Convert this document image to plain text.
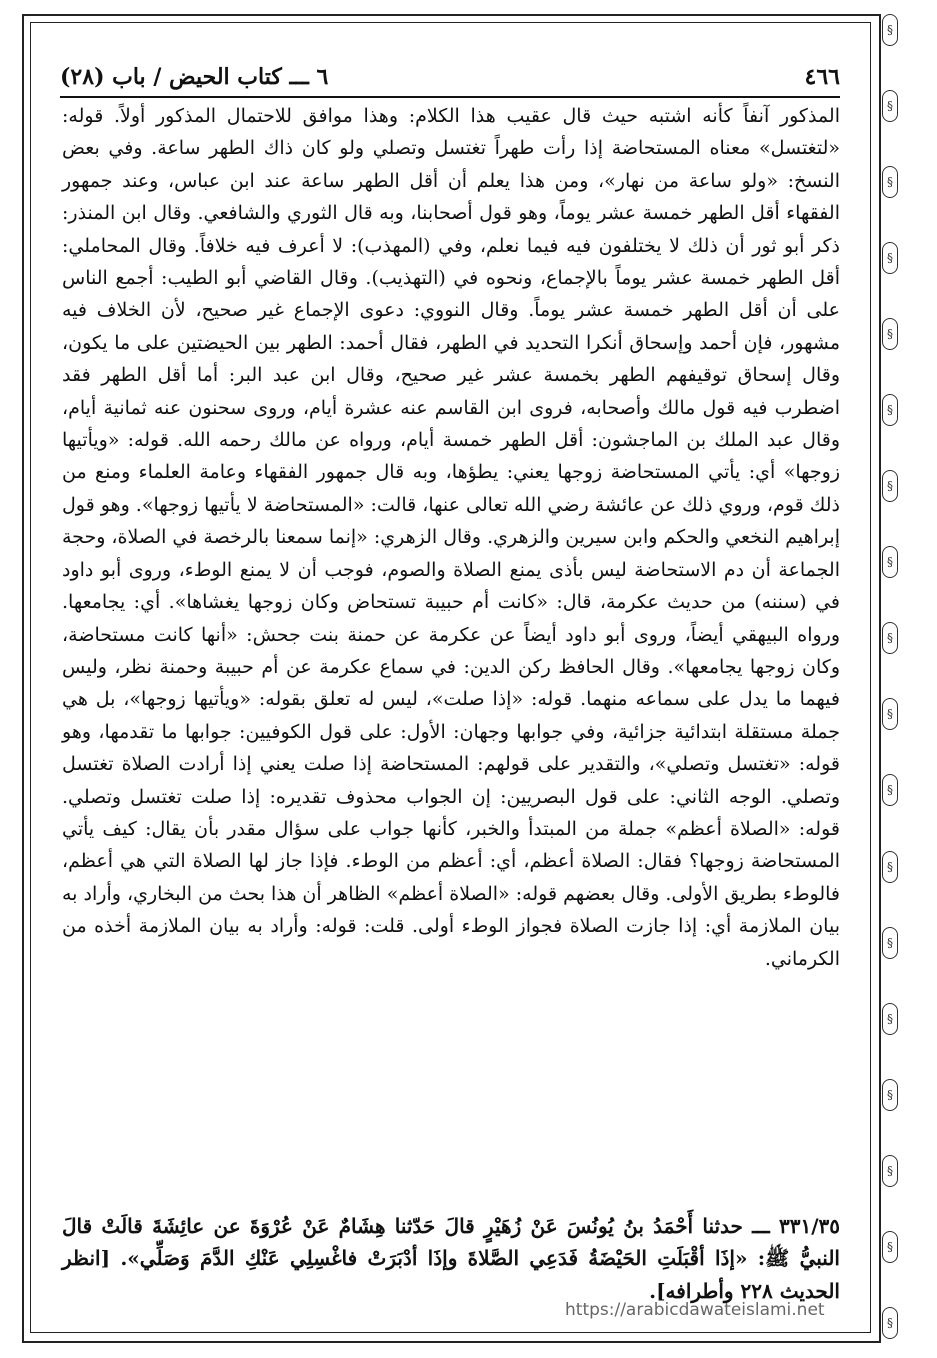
§
§
§
§
§
§
§
§
§
§
§
§
§
§
§
§
§
§
٤٦٦
٦ ـــ كتاب الحيض / باب (٢٨)

المذكور آنفاً كأنه اشتبه حيث قال عقيب هذا الكلام: وهذا موافق للاحتمال المذكور أولاً. قوله: «لتغتسل» معناه المستحاضة إذا رأت طهراً تغتسل وتصلي ولو كان ذاك الطهر ساعة. وفي بعض النسخ: «ولو ساعة من نهار»، ومن هذا يعلم أن أقل الطهر ساعة عند ابن عباس، وعند جمهور الفقهاء أقل الطهر خمسة عشر يوماً، وهو قول أصحابنا، وبه قال الثوري والشافعي. وقال ابن المنذر: ذكر أبو ثور أن ذلك لا يختلفون فيه فيما نعلم، وفي (المهذب): لا أعرف فيه خلافاً. وقال المحاملي: أقل الطهر خمسة عشر يوماً بالإجماع، ونحوه في (التهذيب). وقال القاضي أبو الطيب: أجمع الناس على أن أقل الطهر خمسة عشر يوماً. وقال النووي: دعوى الإجماع غير صحيح، لأن الخلاف فيه مشهور، فإن أحمد وإسحاق أنكرا التحديد في الطهر، فقال أحمد: الطهر بين الحيضتين على ما يكون، وقال إسحاق توقيفهم الطهر بخمسة عشر غير صحيح، وقال ابن عبد البر: أما أقل الطهر فقد اضطرب فيه قول مالك وأصحابه، فروى ابن القاسم عنه عشرة أيام، وروى سحنون عنه ثمانية أيام، وقال عبد الملك بن الماجشون: أقل الطهر خمسة أيام، ورواه عن مالك رحمه الله. قوله: «ويأتيها زوجها» أي: يأتي المستحاضة زوجها يعني: يطؤها، وبه قال جمهور الفقهاء وعامة العلماء ومنع من ذلك قوم، وروي ذلك عن عائشة رضي الله تعالى عنها، قالت: «المستحاضة لا يأتيها زوجها». وهو قول إبراهيم النخعي والحكم وابن سيرين والزهري. وقال الزهري: «إنما سمعنا بالرخصة في الصلاة، وحجة الجماعة أن دم الاستحاضة ليس بأذى يمنع الصلاة والصوم، فوجب أن لا يمنع الوطء، وروى أبو داود في (سننه) من حديث عكرمة، قال: «كانت أم حبيبة تستحاض وكان زوجها يغشاها». أي: يجامعها. ورواه البيهقي أيضاً، وروى أبو داود أيضاً عن عكرمة عن حمنة بنت جحش: «أنها كانت مستحاضة، وكان زوجها يجامعها». وقال الحافظ ركن الدين: في سماع عكرمة عن أم حبيبة وحمنة نظر، وليس فيهما ما يدل على سماعه منهما. قوله: «إذا صلت»، ليس له تعلق بقوله: «ويأتيها زوجها»، بل هي جملة مستقلة ابتدائية جزائية، وفي جوابها وجهان: الأول: على قول الكوفيين: جوابها ما تقدمها، وهو قوله: «تغتسل وتصلي»، والتقدير على قولهم: المستحاضة إذا صلت يعني إذا أرادت الصلاة تغتسل وتصلي. الوجه الثاني: على قول البصريين: إن الجواب محذوف تقديره: إذا صلت تغتسل وتصلي. قوله: «الصلاة أعظم» جملة من المبتدأ والخبر، كأنها جواب على سؤال مقدر بأن يقال: كيف يأتي المستحاضة زوجها؟ فقال: الصلاة أعظم، أي: أعظم من الوطء. فإذا جاز لها الصلاة التي هي أعظم، فالوطء بطريق الأولى. وقال بعضهم قوله: «الصلاة أعظم» الظاهر أن هذا بحث من البخاري، وأراد به بيان الملازمة أي: إذا جازت الصلاة فجواز الوطء أولى. قلت: قوله: وأراد به بيان الملازمة أخذه من الكرماني.

٣٣١/٣٥ ـــ حدثنا أَحْمَدُ بنُ يُونُسَ عَنْ زُهَيْرٍ قالَ حَدّثنا هِشَامٌ عَنْ عُرْوَةَ عن عائِشَةَ قالَتْ قالَ النبيُّ ﷺ: «إذَا أقْبَلَتِ الحَيْضَةُ فَدَعِي الصَّلاةَ وإذَا أدْبَرَتْ فاغْسِلِي عَنْكِ الدَّمَ وَصَلِّي». [انظر الحديث ٢٢٨ وأطرافه].

https://arabicdawateislami.net
